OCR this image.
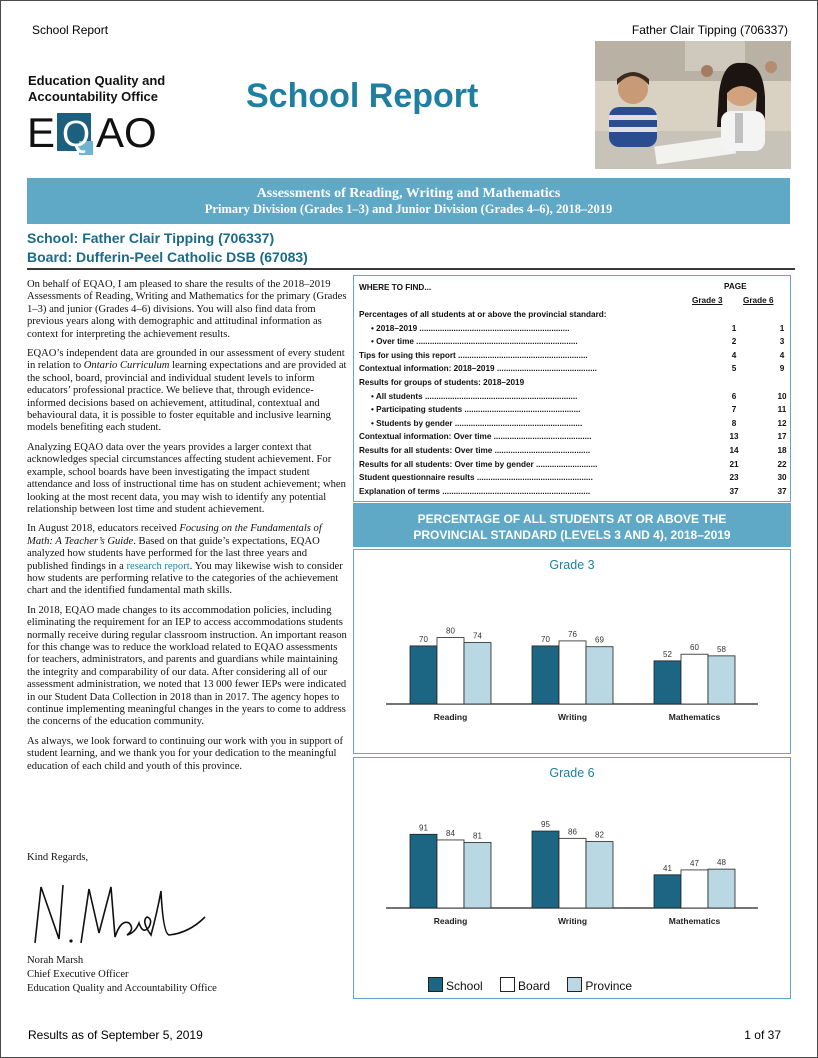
School Report	Father Clair Tipping (706337)
Education Quality and
Accountability Office
E Q AO
School Report
Assessments of Reading, Writing and Mathematics
Primary Division (Grades 1–3) and Junior Division (Grades 4–6), 2018–2019
School: Father Clair Tipping (706337)
Board: Dufferin-Peel Catholic DSB (67083)

On behalf of EQAO, I am pleased to share the results of the 2018–2019 Assessments of Reading, Writing and Mathematics for the primary (Grades 1–3) and junior (Grades 4–6) divisions. You will also find data from previous years along with demographic and attitudinal information as context for interpreting the achievement results.

EQAO’s independent data are grounded in our assessment of every student in relation to Ontario Curriculum learning expectations and are provided at the school, board, provincial and individual student levels to inform educators’ professional practice. We believe that, through evidence-informed decisions based on achievement, attitudinal, contextual and behavioural data, it is possible to foster equitable and inclusive learning models benefiting each student.

Analyzing EQAO data over the years provides a larger context that acknowledges special circumstances affecting student achievement. For example, school boards have been investigating the impact student attendance and loss of instructional time has on student achievement; when looking at the most recent data, you may wish to identify any potential relationship between lost time and student achievement.

In August 2018, educators received Focusing on the Fundamentals of Math: A Teacher’s Guide. Based on that guide’s expectations, EQAO analyzed how students have performed for the last three years and published findings in a research report. You may likewise wish to consider how students are performing relative to the categories of the achievement chart and the identified fundamental math skills.

In 2018, EQAO made changes to its accommodation policies, including eliminating the requirement for an IEP to access accommodations students normally receive during regular classroom instruction. An important reason for this change was to reduce the workload related to EQAO assessments for teachers, administrators, and parents and guardians while maintaining the integrity and comparability of our data. After considering all of our assessment administration, we noted that 13 000 fewer IEPs were indicated in our Student Data Collection in 2018 than in 2017. The agency hopes to continue implementing meaningful changes in the years to come to address the concerns of the education community.

As always, we look forward to continuing our work with you in support of student learning, and we thank you for your dedication to the meaningful education of each child and youth of this province.

Kind Regards,
Norah Marsh
Chief Executive Officer
Education Quality and Accountability Office
WHERE TO FIND...	PAGE
Grade 3	Grade 6
Percentages of all students at or above the provincial standard:
• 2018–2019 ..................................................................	1	1
• Over time .......................................................................	2	3
Tips for using this report .........................................................	4	4
Contextual information: 2018–2019 ............................................	5	9
Results for groups of students: 2018–2019
• All students ...................................................................	6	10
• Participating students ...................................................	7	11
• Students by gender ........................................................	8	12
Contextual information: Over time ...........................................	13	17
Results for all students: Over time ..........................................	14	18
Results for all students: Over time by gender ...........................	21	22
Student questionnaire results ...................................................	23	30
Explanation of terms .................................................................	37	37
PERCENTAGE OF ALL STUDENTS AT OR ABOVE THE
PROVINCIAL STANDARD (LEVELS 3 AND 4), 2018–2019
Grade 3
70
80
74
Reading
70
76
69
Writing
52
60 58
Mathematics
Grade 6
91
84 81
Reading
95
86 82
Writing
41
47 48
Mathematics
School	Board	Province
Results as of September 5, 2019	1 of 37
